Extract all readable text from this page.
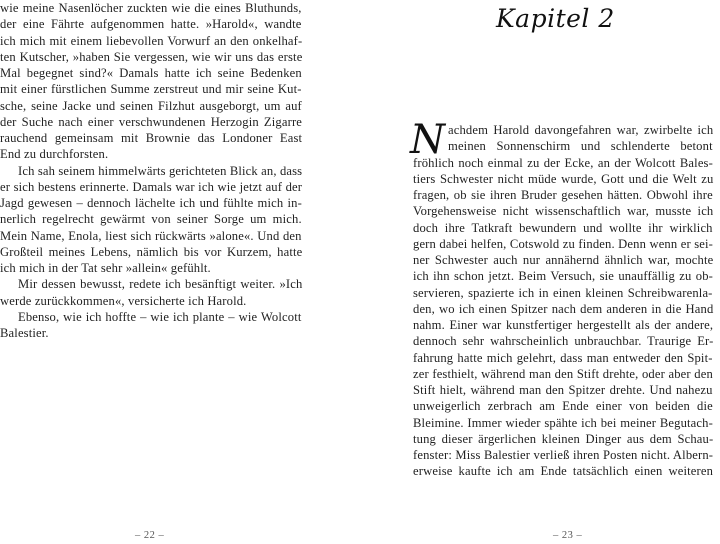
wie meine Nasenlöcher zuckten wie die eines Bluthunds,
der eine Fährte aufgenommen hatte. »Harold«, wandte
ich mich mit einem liebevollen Vorwurf an den onkelhaf-
ten Kutscher, »haben Sie vergessen, wie wir uns das erste
Mal begegnet sind?« Damals hatte ich seine Bedenken
mit einer fürstlichen Summe zerstreut und mir seine Kut-
sche, seine Jacke und seinen Filzhut ausgeborgt, um auf
der Suche nach einer verschwundenen Herzogin Zigarre
rauchend gemeinsam mit Brownie das Londoner East
End zu durchforsten.
Ich sah seinem himmelwärts gerichteten Blick an, dass
er sich bestens erinnerte. Damals war ich wie jetzt auf der
Jagd gewesen – dennoch lächelte ich und fühlte mich in-
nerlich regelrecht gewärmt von seiner Sorge um mich.
Mein Name, Enola, liest sich rückwärts »alone«. Und den
Großteil meines Lebens, nämlich bis vor Kurzem, hatte
ich mich in der Tat sehr »allein« gefühlt.
Mir dessen bewusst, redete ich besänftigt weiter. »Ich
werde zurückkommen«, versicherte ich Harold.
Ebenso, wie ich hoffte – wie ich plante – wie Wolcott
Balestier.
– 22 –
Kapitel 2
N achdem Harold davongefahren war, zwirbelte ich
meinen Sonnenschirm und schlenderte betont
fröhlich noch einmal zu der Ecke, an der Wolcott Bales-
tiers Schwester nicht müde wurde, Gott und die Welt zu
fragen, ob sie ihren Bruder gesehen hätten. Obwohl ihre
Vorgehensweise nicht wissenschaftlich war, musste ich
doch ihre Tatkraft bewundern und wollte ihr wirklich
gern dabei helfen, Cotswold zu finden. Denn wenn er sei-
ner Schwester auch nur annähernd ähnlich war, mochte
ich ihn schon jetzt. Beim Versuch, sie unauffällig zu ob-
servieren, spazierte ich in einen kleinen Schreibwarenla-
den, wo ich einen Spitzer nach dem anderen in die Hand
nahm. Einer war kunstfertiger hergestellt als der andere,
dennoch sehr wahrscheinlich unbrauchbar. Traurige Er-
fahrung hatte mich gelehrt, dass man entweder den Spit-
zer festhielt, während man den Stift drehte, oder aber den
Stift hielt, während man den Spitzer drehte. Und nahezu
unweigerlich zerbrach am Ende einer von beiden die
Bleimine. Immer wieder spähte ich bei meiner Begutach-
tung dieser ärgerlichen kleinen Dinger aus dem Schau-
fenster: Miss Balestier verließ ihren Posten nicht. Albern-
erweise kaufte ich am Ende tatsächlich einen weiteren
– 23 –
